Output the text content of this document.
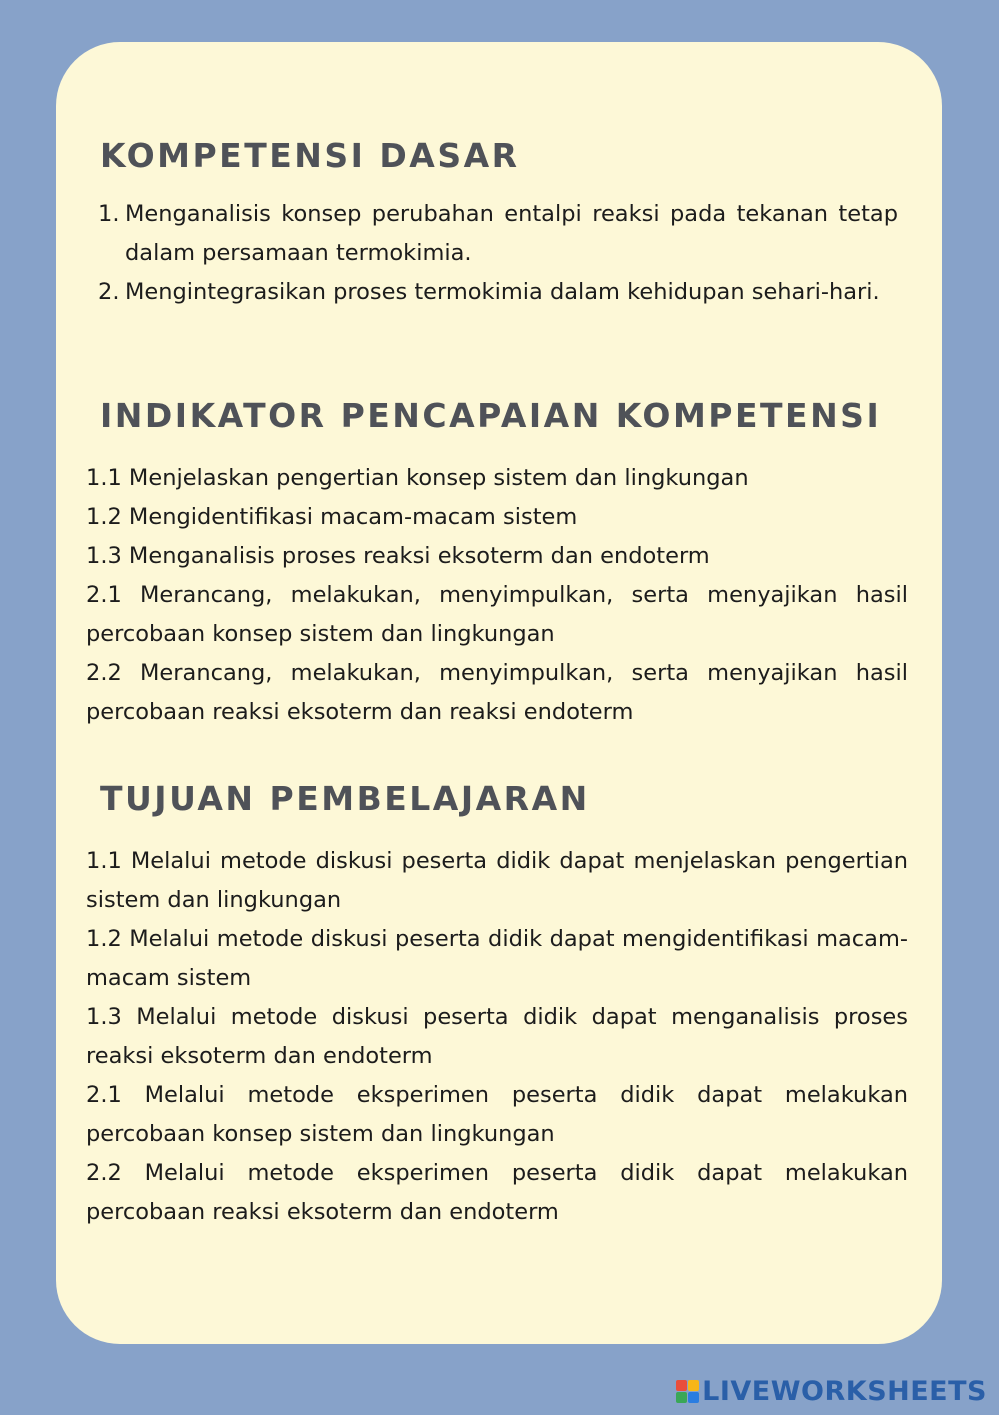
KOMPETENSI DASAR
1. Menganalisis konsep perubahan entalpi reaksi pada tekanan tetap dalam persamaan termokimia.
2. Mengintegrasikan proses termokimia dalam kehidupan sehari-hari.
INDIKATOR PENCAPAIAN KOMPETENSI
1.1 Menjelaskan pengertian konsep sistem dan lingkungan
1.2 Mengidentifikasi macam-macam sistem
1.3 Menganalisis proses reaksi eksoterm dan endoterm
2.1 Merancang, melakukan, menyimpulkan, serta menyajikan hasil percobaan konsep sistem dan lingkungan
2.2 Merancang, melakukan, menyimpulkan, serta menyajikan hasil percobaan reaksi eksoterm dan reaksi endoterm
TUJUAN PEMBELAJARAN
1.1 Melalui metode diskusi peserta didik dapat menjelaskan pengertian sistem dan lingkungan
1.2 Melalui metode diskusi peserta didik dapat mengidentifikasi macam-macam sistem
1.3 Melalui metode diskusi peserta didik dapat menganalisis proses reaksi eksoterm dan endoterm
2.1 Melalui metode eksperimen peserta didik dapat melakukan percobaan konsep sistem dan lingkungan
2.2 Melalui metode eksperimen peserta didik dapat melakukan percobaan reaksi eksoterm dan endoterm
LIVEWORKSHEETS
